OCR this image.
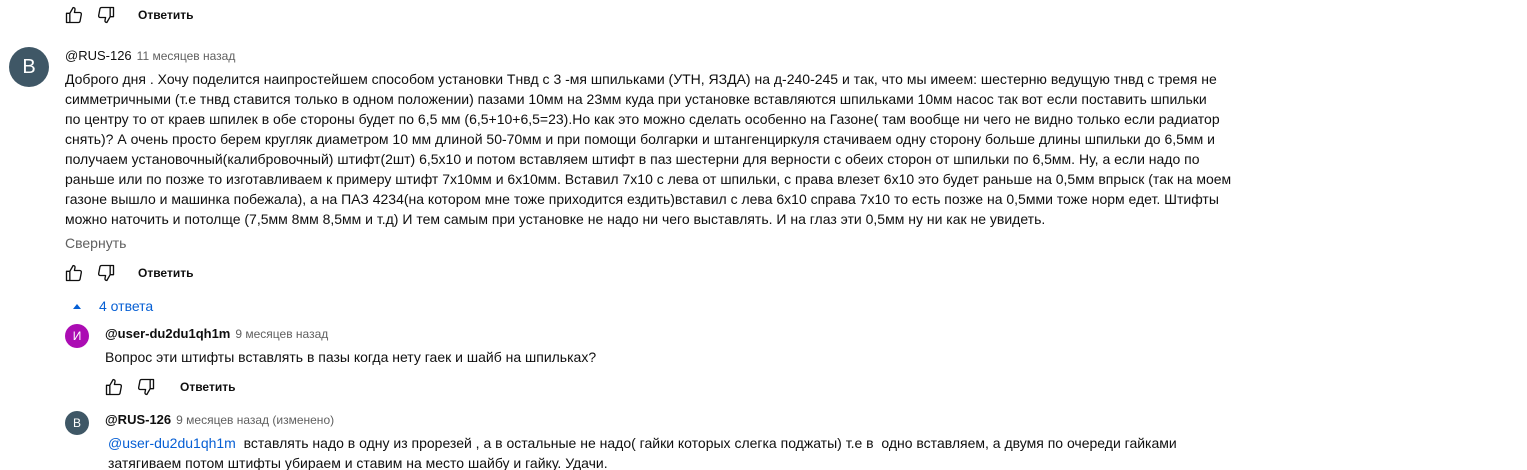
Ответить
В	@RUS-126 11 месяцев назад
Доброго дня . Хочу поделится наипростейшем способом установки Тнвд с 3 -мя шпильками (УТН, ЯЗДА) на д-240-245 и так, что мы имеем: шестерню ведущую тнвд с тремя не
симметричными (т.е тнвд ставится только в одном положении) пазами 10мм на 23мм куда при установке вставляются шпильками 10мм насос так вот если поставить шпильки
по центру то от краев шпилек в обе стороны будет по 6,5 мм (6,5+10+6,5=23).Но как это можно сделать особенно на Газоне( там вообще ни чего не видно только если радиатор
снять)? А очень просто берем кругляк диаметром 10 мм длиной 50-70мм и при помощи болгарки и штангенциркуля стачиваем одну сторону больше длины шпильки до 6,5мм и
получаем установочный(калибровочный) штифт(2шт) 6,5х10 и потом вставляем штифт в паз шестерни для верности с обеих сторон от шпильки по 6,5мм. Ну, а если надо по
раньше или по позже то изготавливаем к примеру штифт 7х10мм и 6х10мм. Вставил 7х10 с лева от шпильки, с права влезет 6х10 это будет раньше на 0,5мм впрыск (так на моем
газоне вышло и машинка побежала), а на ПАЗ 4234(на котором мне тоже приходится ездить)вставил с лева 6х10 справа 7х10 то есть позже на 0,5мми тоже норм едет. Штифты
можно наточить и потолще (7,5мм 8мм 8,5мм и т.д) И тем самым при установке не надо ни чего выставлять. И на глаз эти 0,5мм ну ни как не увидеть.
Свернуть
Ответить
4 ответа
И	@user-du2du1qh1m 9 месяцев назад
Вопрос эти штифты вставлять в пазы когда нету гаек и шайб на шпильках?
Ответить
В	@RUS-126 9 месяцев назад (изменено)
@user-du2du1qh1m  вставлять надо в одну из прорезей , а в остальные не надо( гайки которых слегка поджаты) т.е в  одно вставляем, а двумя по очереди гайками
затягиваем потом штифты убираем и ставим на место шайбу и гайку. Удачи.
